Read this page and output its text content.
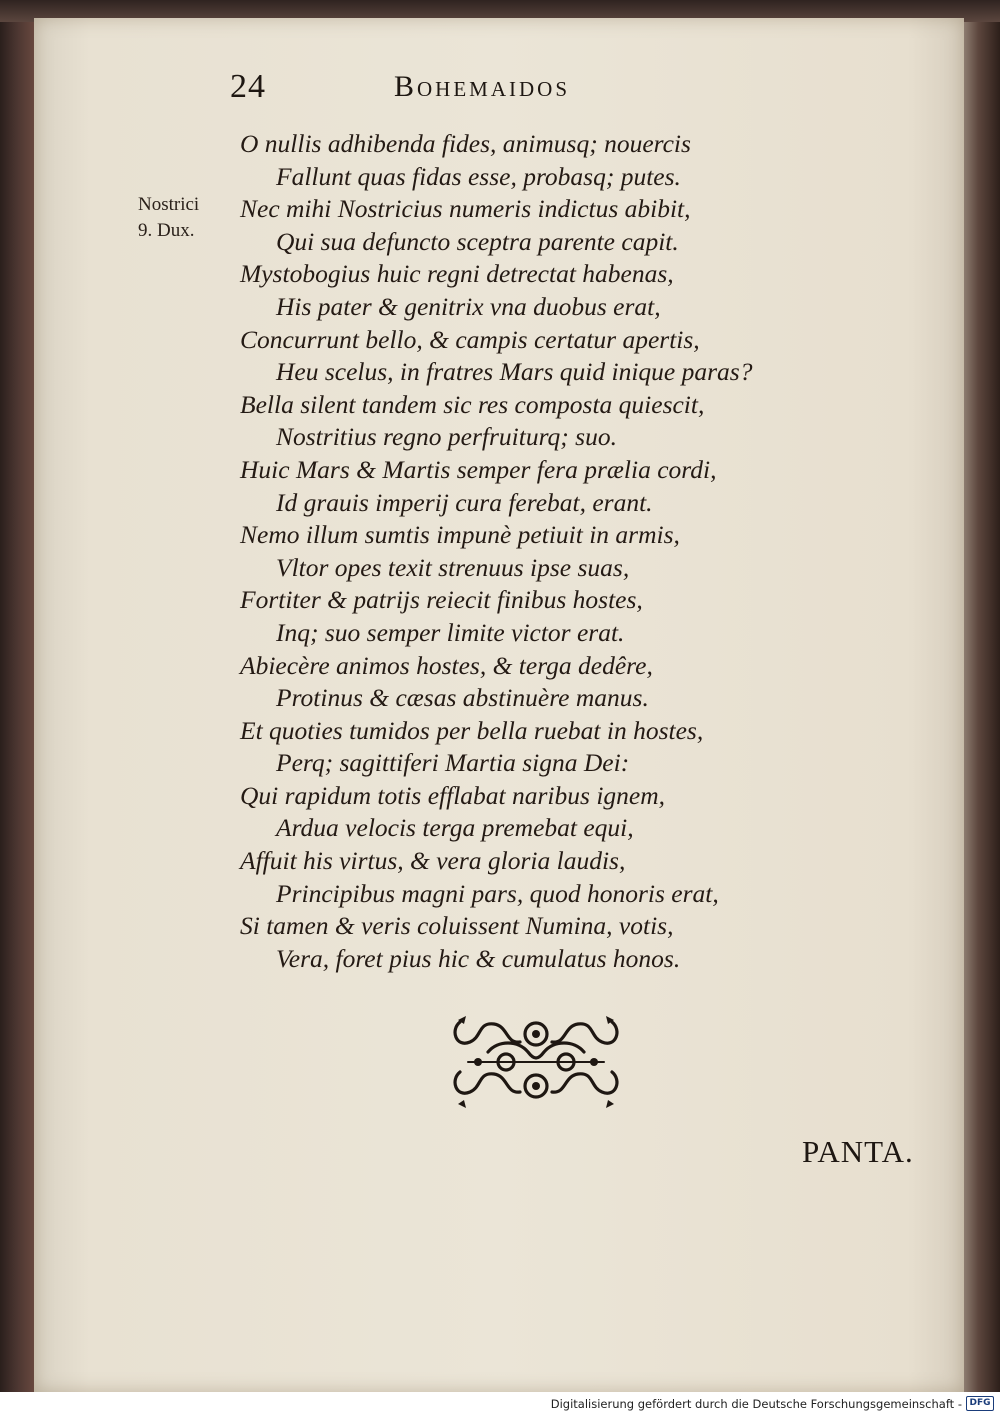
24	Bohemaidos
Nostrici
9. Dux.
O nullis adhibenda fides, animusq; nouercis
Fallunt quas fidas esse, probasq; putes.
Nec mihi Nostricius numeris indictus abibit,
Qui sua defuncto sceptra parente capit.
Mystobogius huic regni detrectat habenas,
His pater & genitrix vna duobus erat,
Concurrunt bello, & campis certatur apertis,
Heu scelus, in fratres Mars quid inique paras?
Bella silent tandem sic res composta quiescit,
Nostritius regno perfruiturq; suo.
Huic Mars & Martis semper fera prælia cordi,
Id grauis imperij cura ferebat, erant.
Nemo illum sumtis impunè petiuit in armis,
Vltor opes texit strenuus ipse suas,
Fortiter & patrijs reiecit finibus hostes,
Inq; suo semper limite victor erat.
Abiecère animos hostes, & terga dedêre,
Protinus & cæsas abstinuère manus.
Et quoties tumidos per bella ruebat in hostes,
Perq; sagittiferi Martia signa Dei:
Qui rapidum totis efflabat naribus ignem,
Ardua velocis terga premebat equi,
Affuit his virtus, & vera gloria laudis,
Principibus magni pars, quod honoris erat,
Si tamen & veris coluissent Numina, votis,
Vera, foret pius hic & cumulatus honos.
PANTA.
Digitalisierung gefördert durch die Deutsche Forschungsgemeinschaft - DFG
